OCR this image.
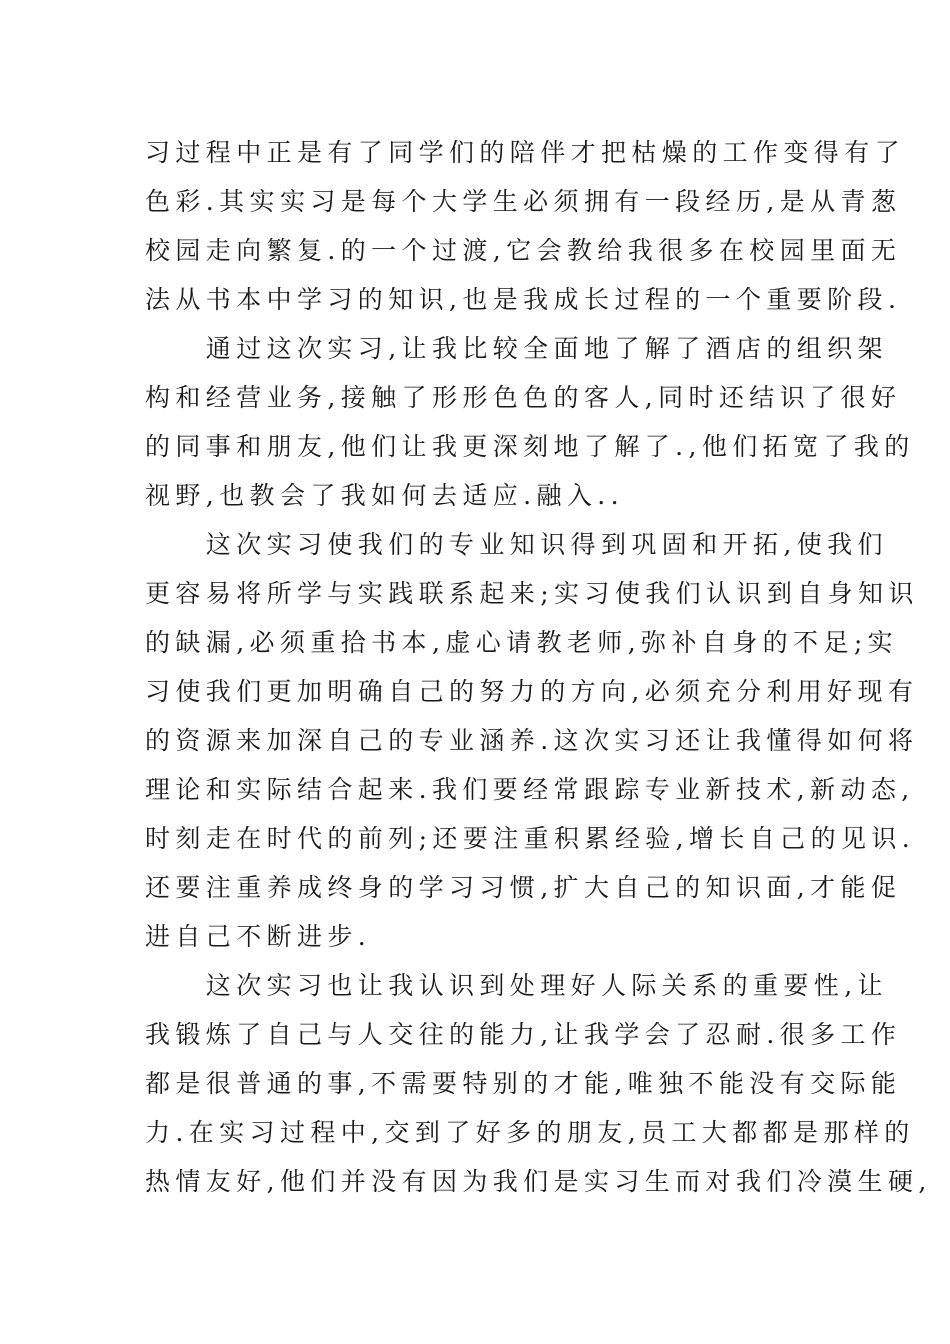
习过程中正是有了同学们的陪伴才把枯燥的工作变得有了
色彩.其实实习是每个大学生必须拥有一段经历,是从青葱
校园走向繁复.的一个过渡,它会教给我很多在校园里面无
法从书本中学习的知识,也是我成长过程的一个重要阶段.
　　通过这次实习,让我比较全面地了解了酒店的组织架
构和经营业务,接触了形形色色的客人,同时还结识了很好
的同事和朋友,他们让我更深刻地了解了.,他们拓宽了我的
视野,也教会了我如何去适应.融入..
　　这次实习使我们的专业知识得到巩固和开拓,使我们
更容易将所学与实践联系起来;实习使我们认识到自身知识
的缺漏,必须重拾书本,虚心请教老师,弥补自身的不足;实
习使我们更加明确自己的努力的方向,必须充分利用好现有
的资源来加深自己的专业涵养.这次实习还让我懂得如何将
理论和实际结合起来.我们要经常跟踪专业新技术,新动态,
时刻走在时代的前列;还要注重积累经验,增长自己的见识.
还要注重养成终身的学习习惯,扩大自己的知识面,才能促
进自己不断进步.
　　这次实习也让我认识到处理好人际关系的重要性,让
我锻炼了自己与人交往的能力,让我学会了忍耐.很多工作
都是很普通的事,不需要特别的才能,唯独不能没有交际能
力.在实习过程中,交到了好多的朋友,员工大都都是那样的
热情友好,他们并没有因为我们是实习生而对我们冷漠生硬,
